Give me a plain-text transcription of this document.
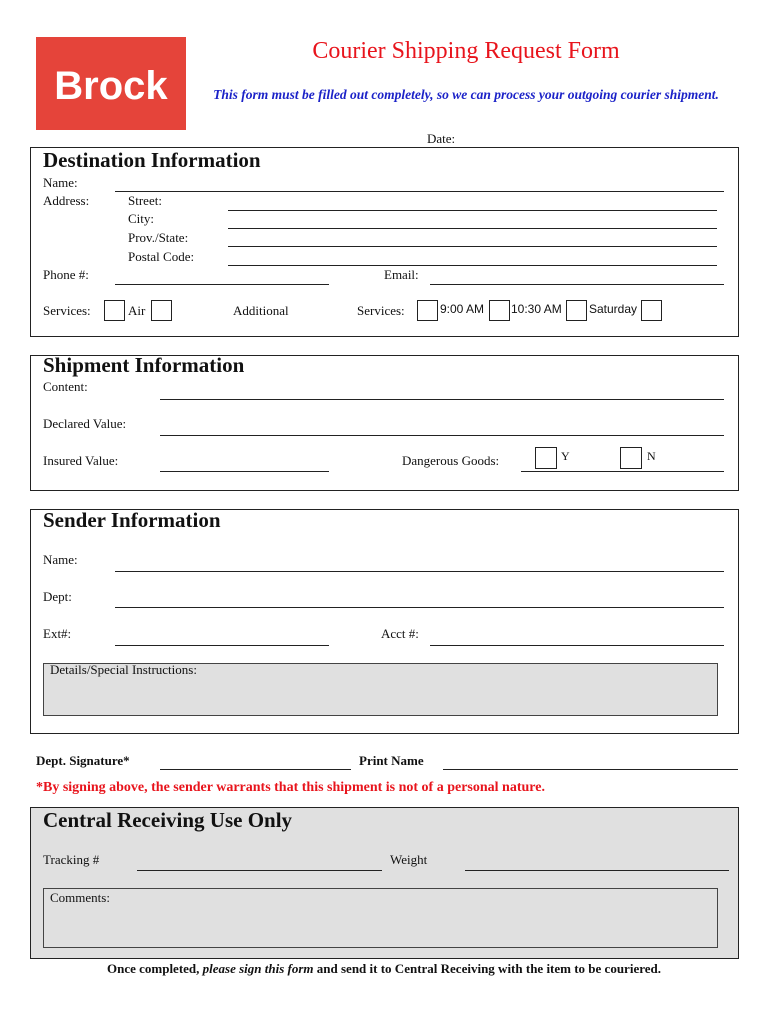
Brock
Courier Shipping Request Form
This form must be filled out completely, so we can process your outgoing courier shipment.
Date:
Destination Information
Name:
Address:	Street:
City:
Prov./State:
Postal Code:
Phone #:	Email:
Services:	Air	Additional	Services:	9:00 AM 10:30 AM Saturday
Shipment Information
Content:
Declared Value:
Insured Value:	Dangerous Goods:	Y	N
Sender Information
Name:
Dept:
Ext#:	Acct #:
Details/Special Instructions:
Dept. Signature*	Print Name
*By signing above, the sender warrants that this shipment is not of a personal nature.
Central Receiving Use Only
Tracking #	Weight
Comments:
Once completed, please sign this form and send it to Central Receiving with the item to be couriered.
